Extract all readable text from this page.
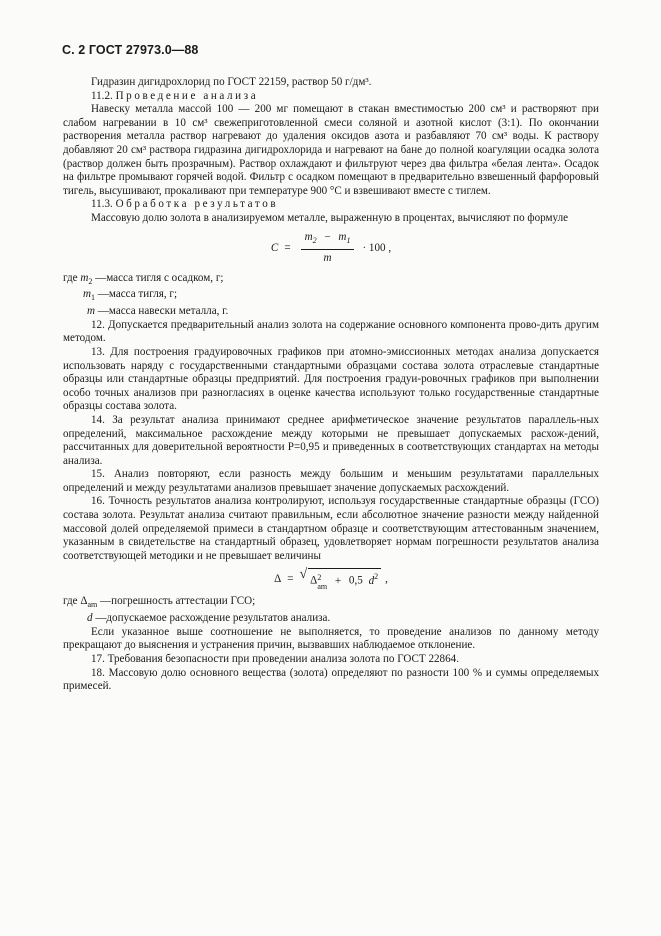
С. 2 ГОСТ 27973.0—88

Гидразин дигидрохлорид по ГОСТ 22159, раствор 50 г/дм³.

11.2. Проведение анализа

Навеску металла массой 100 — 200 мг помещают в стакан вместимостью 200 см³ и растворяют при слабом нагревании в 10 см³ свежеприготовленной смеси соляной и азотной кислот (3:1). По окончании растворения металла раствор нагревают до удаления оксидов азота и разбавляют 70 см³ воды. К раствору добавляют 20 см³ раствора гидразина дигидрохлорида и нагревают на бане до полной коагуляции осадка золота (раствор должен быть прозрачным). Раствор охлаждают и фильтруют через два фильтра «белая лента». Осадок на фильтре промывают горячей водой. Фильтр с осадком помещают в предварительно взвешенный фарфоровый тигель, высушивают, прокаливают при температуре 900 °С и взвешивают вместе с тиглем.

11.3. Обработка результатов

Массовую долю золота в анализируемом металле, выраженную в процентах, вычисляют по формуле

$C = \frac{m_2 - m_1}{m} \cdot 100$ ,
где $m_2$ —масса тигля с осадком, г;
$m_1$ —масса тигля, г;
m —масса навески металла, г.

12. Допускается предварительный анализ золота на содержание основного компонента прово-дить другим методом.

13. Для построения градуировочных графиков при атомно-эмиссионных методах анализа допускается использовать наряду с государственными стандартными образцами состава золота отраслевые стандартные образцы или стандартные образцы предприятий. Для построения градуи-ровочных графиков при выполнении особо точных анализов при разногласиях в оценке качества используют только государственные стандартные образцы состава золота.

14. За результат анализа принимают среднее арифметическое значение результатов параллель-ных определений, максимальное расхождение между которыми не превышает допускаемых расхож-дений, рассчитанных для доверительной вероятности P=0,95 и приведенных в соответствующих стандартах на методы анализа.

15. Анализ повторяют, если разность между большим и меньшим результатами параллельных определений и между результатами анализов превышает значение допускаемых расхождений.

16. Точность результатов анализа контролируют, используя государственные стандартные образцы (ГСО) состава золота. Результат анализа считают правильным, если абсолютное значение разности между найденной массовой долей определяемой примеси в стандартном образце и соответствующим аттестованным значением, указанным в свидетельстве на стандартный образец, удовлетворяет нормам погрешности результатов анализа соответствующей методики и не превышает величины

Δ = √ Δ 2
am + 0,5 $d^2$ ,
где $\Delta_{am}$ —погрешность аттестации ГСО;
d —допускаемое расхождение результатов анализа.

Если указанное выше соотношение не выполняется, то проведение анализов по данному методу прекращают до выяснения и устранения причин, вызвавших наблюдаемое отклонение.

17. Требования безопасности при проведении анализа золота по ГОСТ 22864.

18. Массовую долю основного вещества (золота) определяют по разности 100 % и суммы определяемых примесей.
